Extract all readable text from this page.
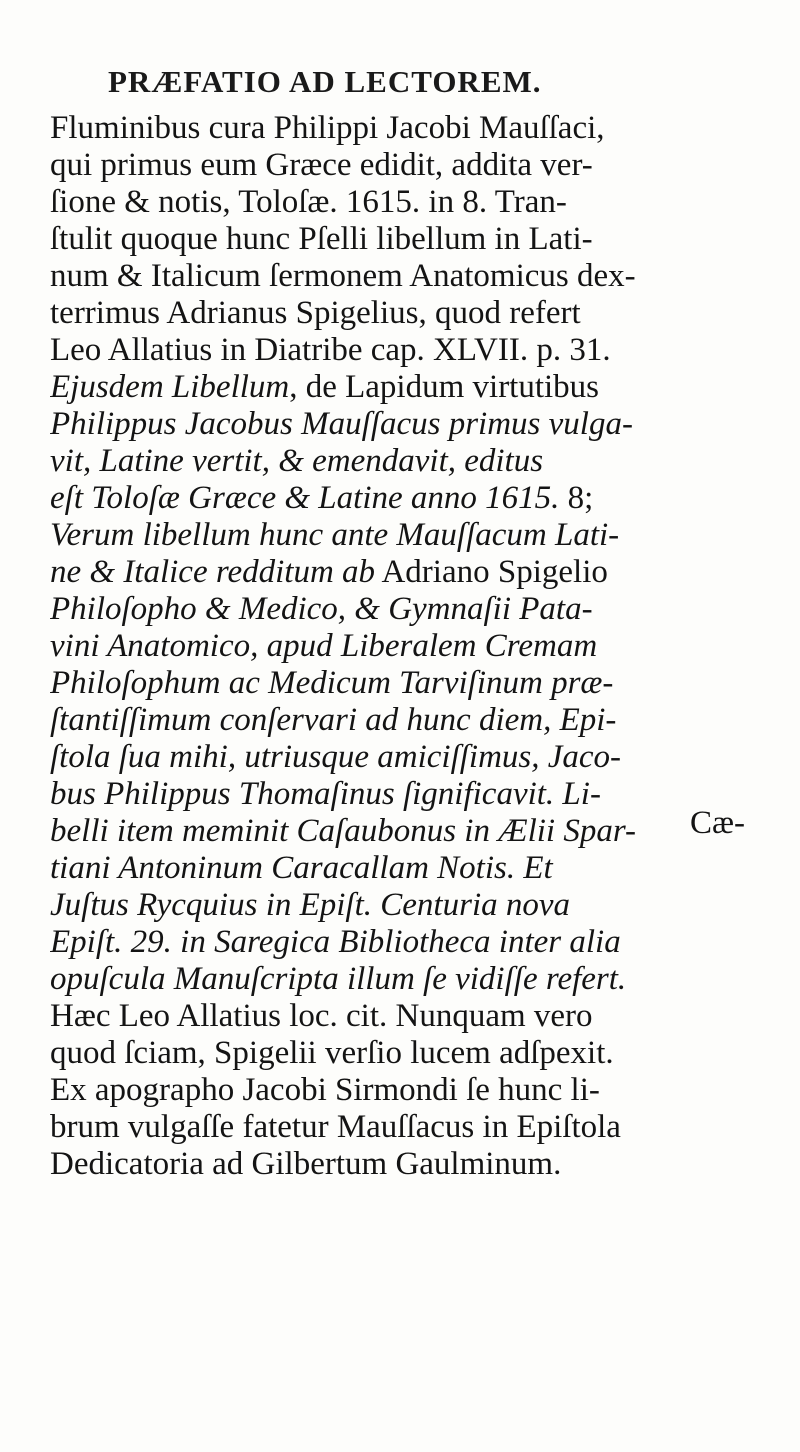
PRÆFATIO AD LECTOREM.
Fluminibus cura Philippi Jacobi Mauſſaci,
qui primus eum Græce edidit, addita ver-
ſione & notis, Toloſæ. 1615. in 8. Tran-
ſtulit quoque hunc Pſelli libellum in Lati-
num & Italicum ſermonem Anatomicus dex-
terrimus Adrianus Spigelius, quod refert
Leo Allatius in Diatribe cap. XLVII. p. 31.
Ejusdem Libellum, de Lapidum virtutibus
Philippus Jacobus Mauſſacus primus vulga-
vit, Latine vertit, & emendavit, editus
eſt Toloſæ Græce & Latine anno 1615. 8;
Verum libellum hunc ante Mauſſacum Lati-
ne & Italice redditum ab Adriano Spigelio
Philoſopho & Medico, & Gymnaſii Pata-
vini Anatomico, apud Liberalem Cremam
Philoſophum ac Medicum Tarviſinum præ-
ſtantiſſimum conſervari ad hunc diem, Epi-
ſtola ſua mihi, utriusque amiciſſimus, Jaco-
bus Philippus Thomaſinus ſignificavit. Li-
belli item meminit Caſaubonus in Ælii Spar-
tiani Antoninum Caracallam Notis. Et
Juſtus Rycquius in Epiſt. Centuria nova
Epiſt. 29. in Saregica Bibliotheca inter alia
opuſcula Manuſcripta illum ſe vidiſſe refert.
Hæc Leo Allatius loc. cit. Nunquam vero
quod ſciam, Spigelii verſio lucem adſpexit.
Ex apographo Jacobi Sirmondi ſe hunc li-
brum vulgaſſe fatetur Mauſſacus in Epiſtola
Dedicatoria ad Gilbertum Gaulminum.
Cæ-
